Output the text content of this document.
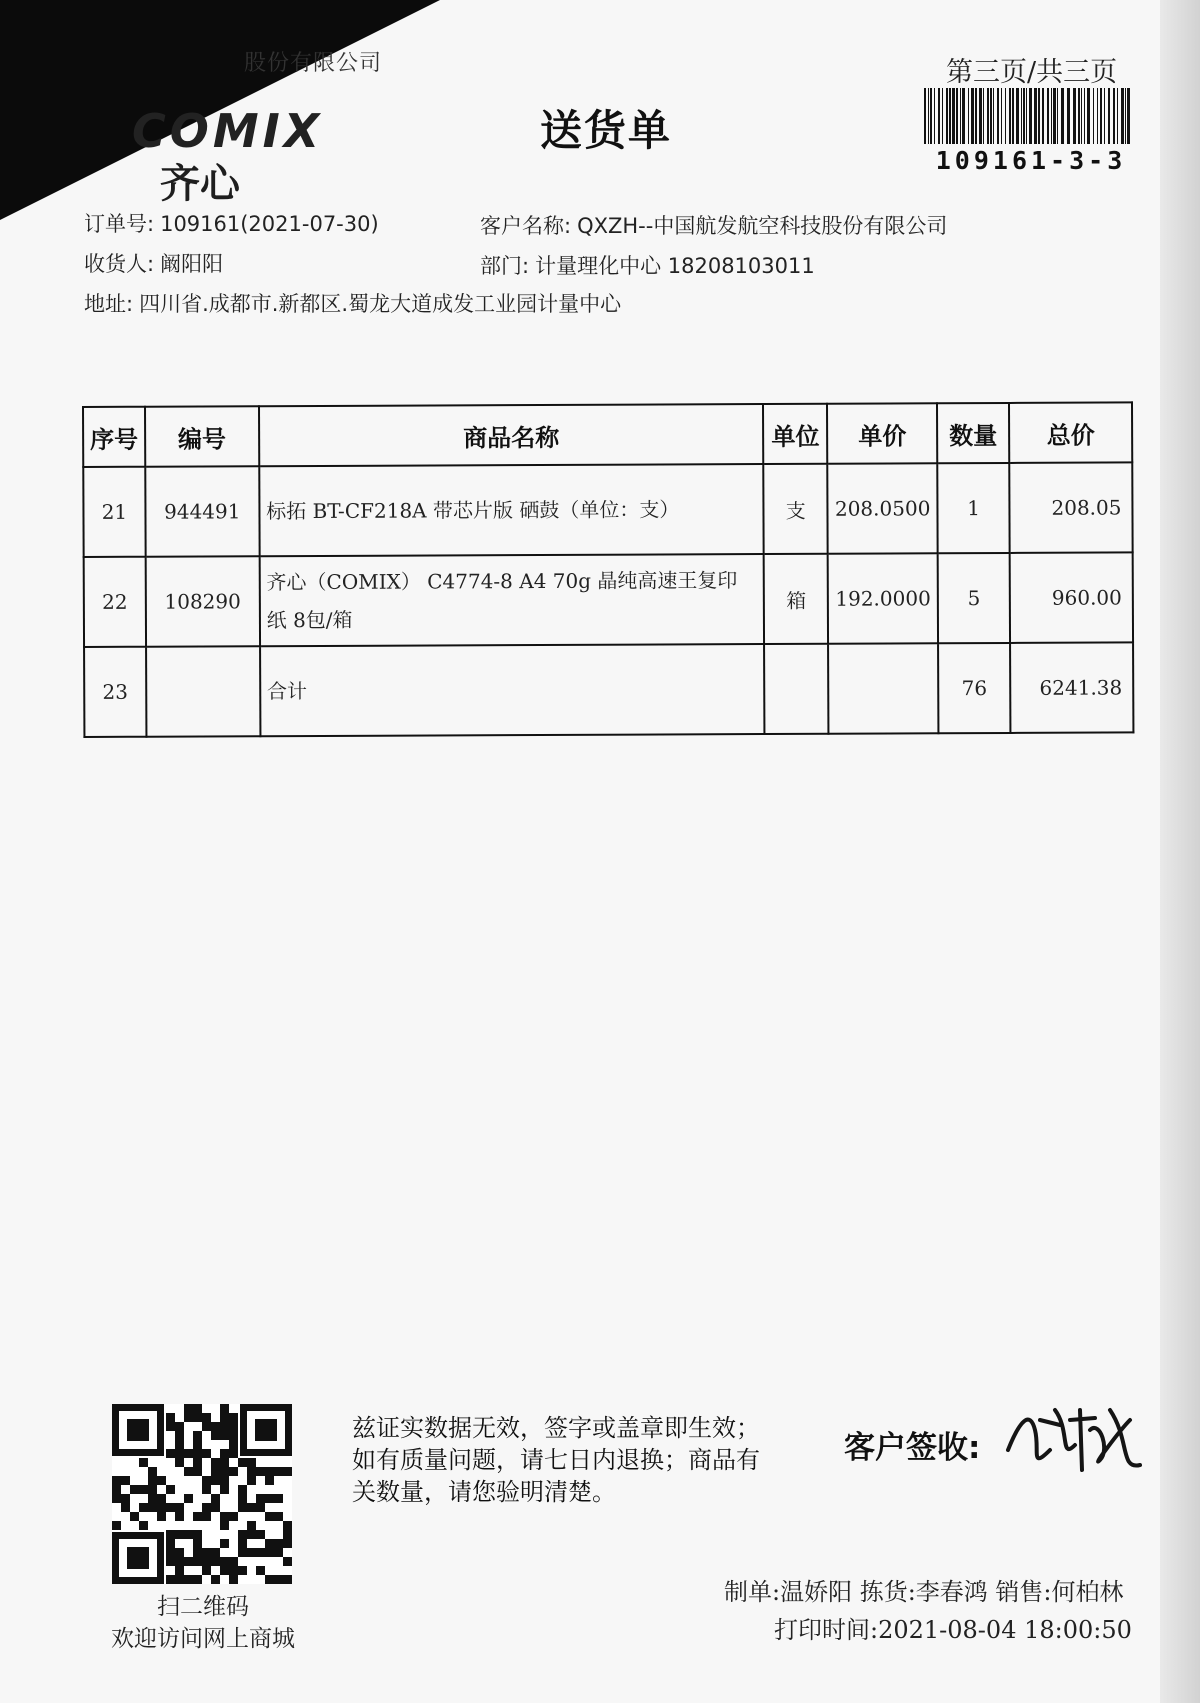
股份有限公司
COMIX
齐心
送货单
第三页/共三页
109161-3-3
订单号: 109161(2021-07-30)	客户名称: QXZH--中国航发航空科技股份有限公司
收货人: 阚阳阳	部门: 计量理化中心 18208103011
地址: 四川省.成都市.新都区.蜀龙大道成发工业园计量中心
序号	编号	商品名称	单位	单价	数量	总价
21	944491	标拓 BT-CF218A 带芯片版 硒鼓（单位：支）	支	208.0500	1	208.05
22	108290	齐心（COMIX） C4774-8 A4 70g 晶纯高速王复印纸 8包/箱	箱	192.0000	5	960.00
23		合计			76	6241.38
扫二维码
欢迎访问网上商城
兹证实数据无效，签字或盖章即生效；如有质量问题，请七日内退换；商品有关数量，请您验明清楚。
客户签收:
制单:温娇阳 拣货:李春鸿 销售:何柏林
打印时间:2021-08-04 18:00:50
